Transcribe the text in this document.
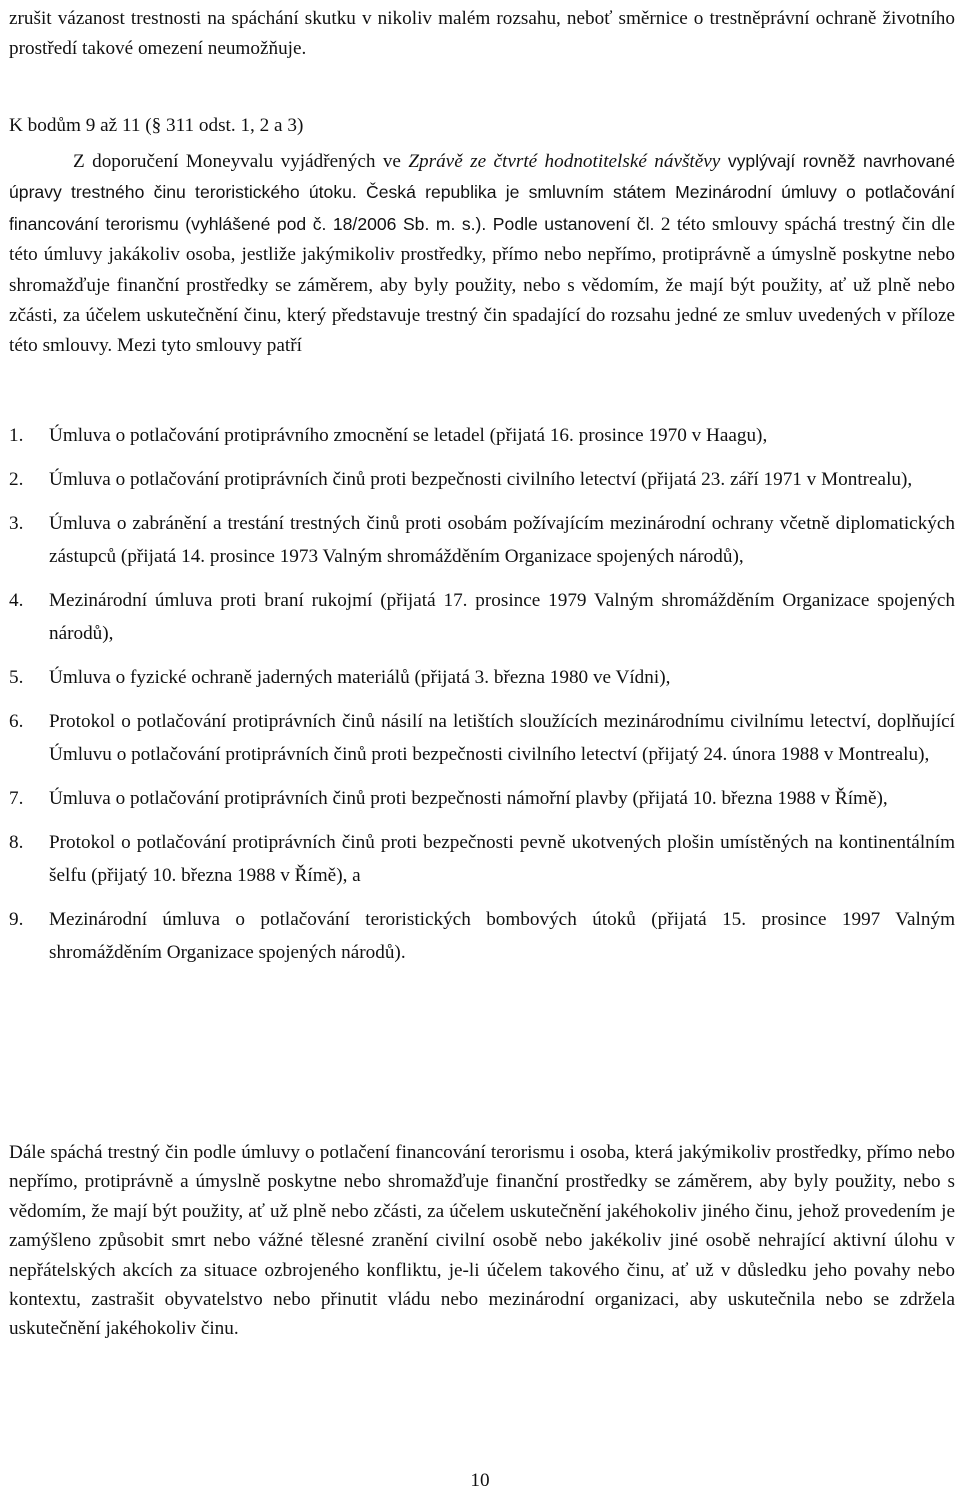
zrušit vázanost trestnosti na spáchání skutku v nikoliv malém rozsahu, neboť směrnice o trestněprávní ochraně životního prostředí takové omezení neumožňuje.

K bodům 9 až 11 (§ 311 odst. 1, 2 a 3)

Z doporučení Moneyvalu vyjádřených ve Zprávě ze čtvrté hodnotitelské návštěvy vyplývají rovněž navrhované úpravy trestného činu teroristického útoku. Česká republika je smluvním státem Mezinárodní úmluvy o potlačování financování terorismu (vyhlášené pod č. 18/2006 Sb. m. s.). Podle ustanovení čl. 2 této smlouvy spáchá trestný čin dle této úmluvy jakákoliv osoba, jestliže jakýmikoliv prostředky, přímo nebo nepřímo, protiprávně a úmyslně poskytne nebo shromažďuje finanční prostředky se záměrem, aby byly použity, nebo s vědomím, že mají být použity, ať už plně nebo zčásti, za účelem uskutečnění činu, který představuje trestný čin spadající do rozsahu jedné ze smluv uvedených v příloze této smlouvy. Mezi tyto smlouvy patří

1.	Úmluva o potlačování protiprávního zmocnění se letadel (přijatá 16. prosince 1970 v Haagu),
2.	Úmluva o potlačování protiprávních činů proti bezpečnosti civilního letectví (přijatá 23. září 1971 v Montrealu),
3.	Úmluva o zabránění a trestání trestných činů proti osobám požívajícím mezinárodní ochrany včetně diplomatických zástupců (přijatá 14. prosince 1973 Valným shromážděním Organizace spojených národů),
4.	Mezinárodní úmluva proti braní rukojmí (přijatá 17. prosince 1979 Valným shromážděním Organizace spojených národů),
5.	Úmluva o fyzické ochraně jaderných materiálů (přijatá 3. března 1980 ve Vídni),
6.	Protokol o potlačování protiprávních činů násilí na letištích sloužících mezinárodnímu civilnímu letectví, doplňující Úmluvu o potlačování protiprávních činů proti bezpečnosti civilního letectví (přijatý 24. února 1988 v Montrealu),
7.	Úmluva o potlačování protiprávních činů proti bezpečnosti námořní plavby (přijatá 10. března 1988 v Římě),
8.	Protokol o potlačování protiprávních činů proti bezpečnosti pevně ukotvených plošin umístěných na kontinentálním šelfu (přijatý 10. března 1988 v Římě), a
9.	Mezinárodní úmluva o potlačování teroristických bombových útoků (přijatá 15. prosince 1997 Valným shromážděním Organizace spojených národů).

Dále spáchá trestný čin podle úmluvy o potlačení financování terorismu i osoba, která jakýmikoliv prostředky, přímo nebo nepřímo, protiprávně a úmyslně poskytne nebo shromažďuje finanční prostředky se záměrem, aby byly použity, nebo s vědomím, že mají být použity, ať už plně nebo zčásti, za účelem uskutečnění jakéhokoliv jiného činu, jehož provedením je zamýšleno způsobit smrt nebo vážné tělesné zranění civilní osobě nebo jakékoliv jiné osobě nehrající aktivní úlohu v nepřátelských akcích za situace ozbrojeného konfliktu, je-li účelem takového činu, ať už v důsledku jeho povahy nebo kontextu, zastrašit obyvatelstvo nebo přinutit vládu nebo mezinárodní organizaci, aby uskutečnila nebo se zdržela uskutečnění jakéhokoliv činu.

10
